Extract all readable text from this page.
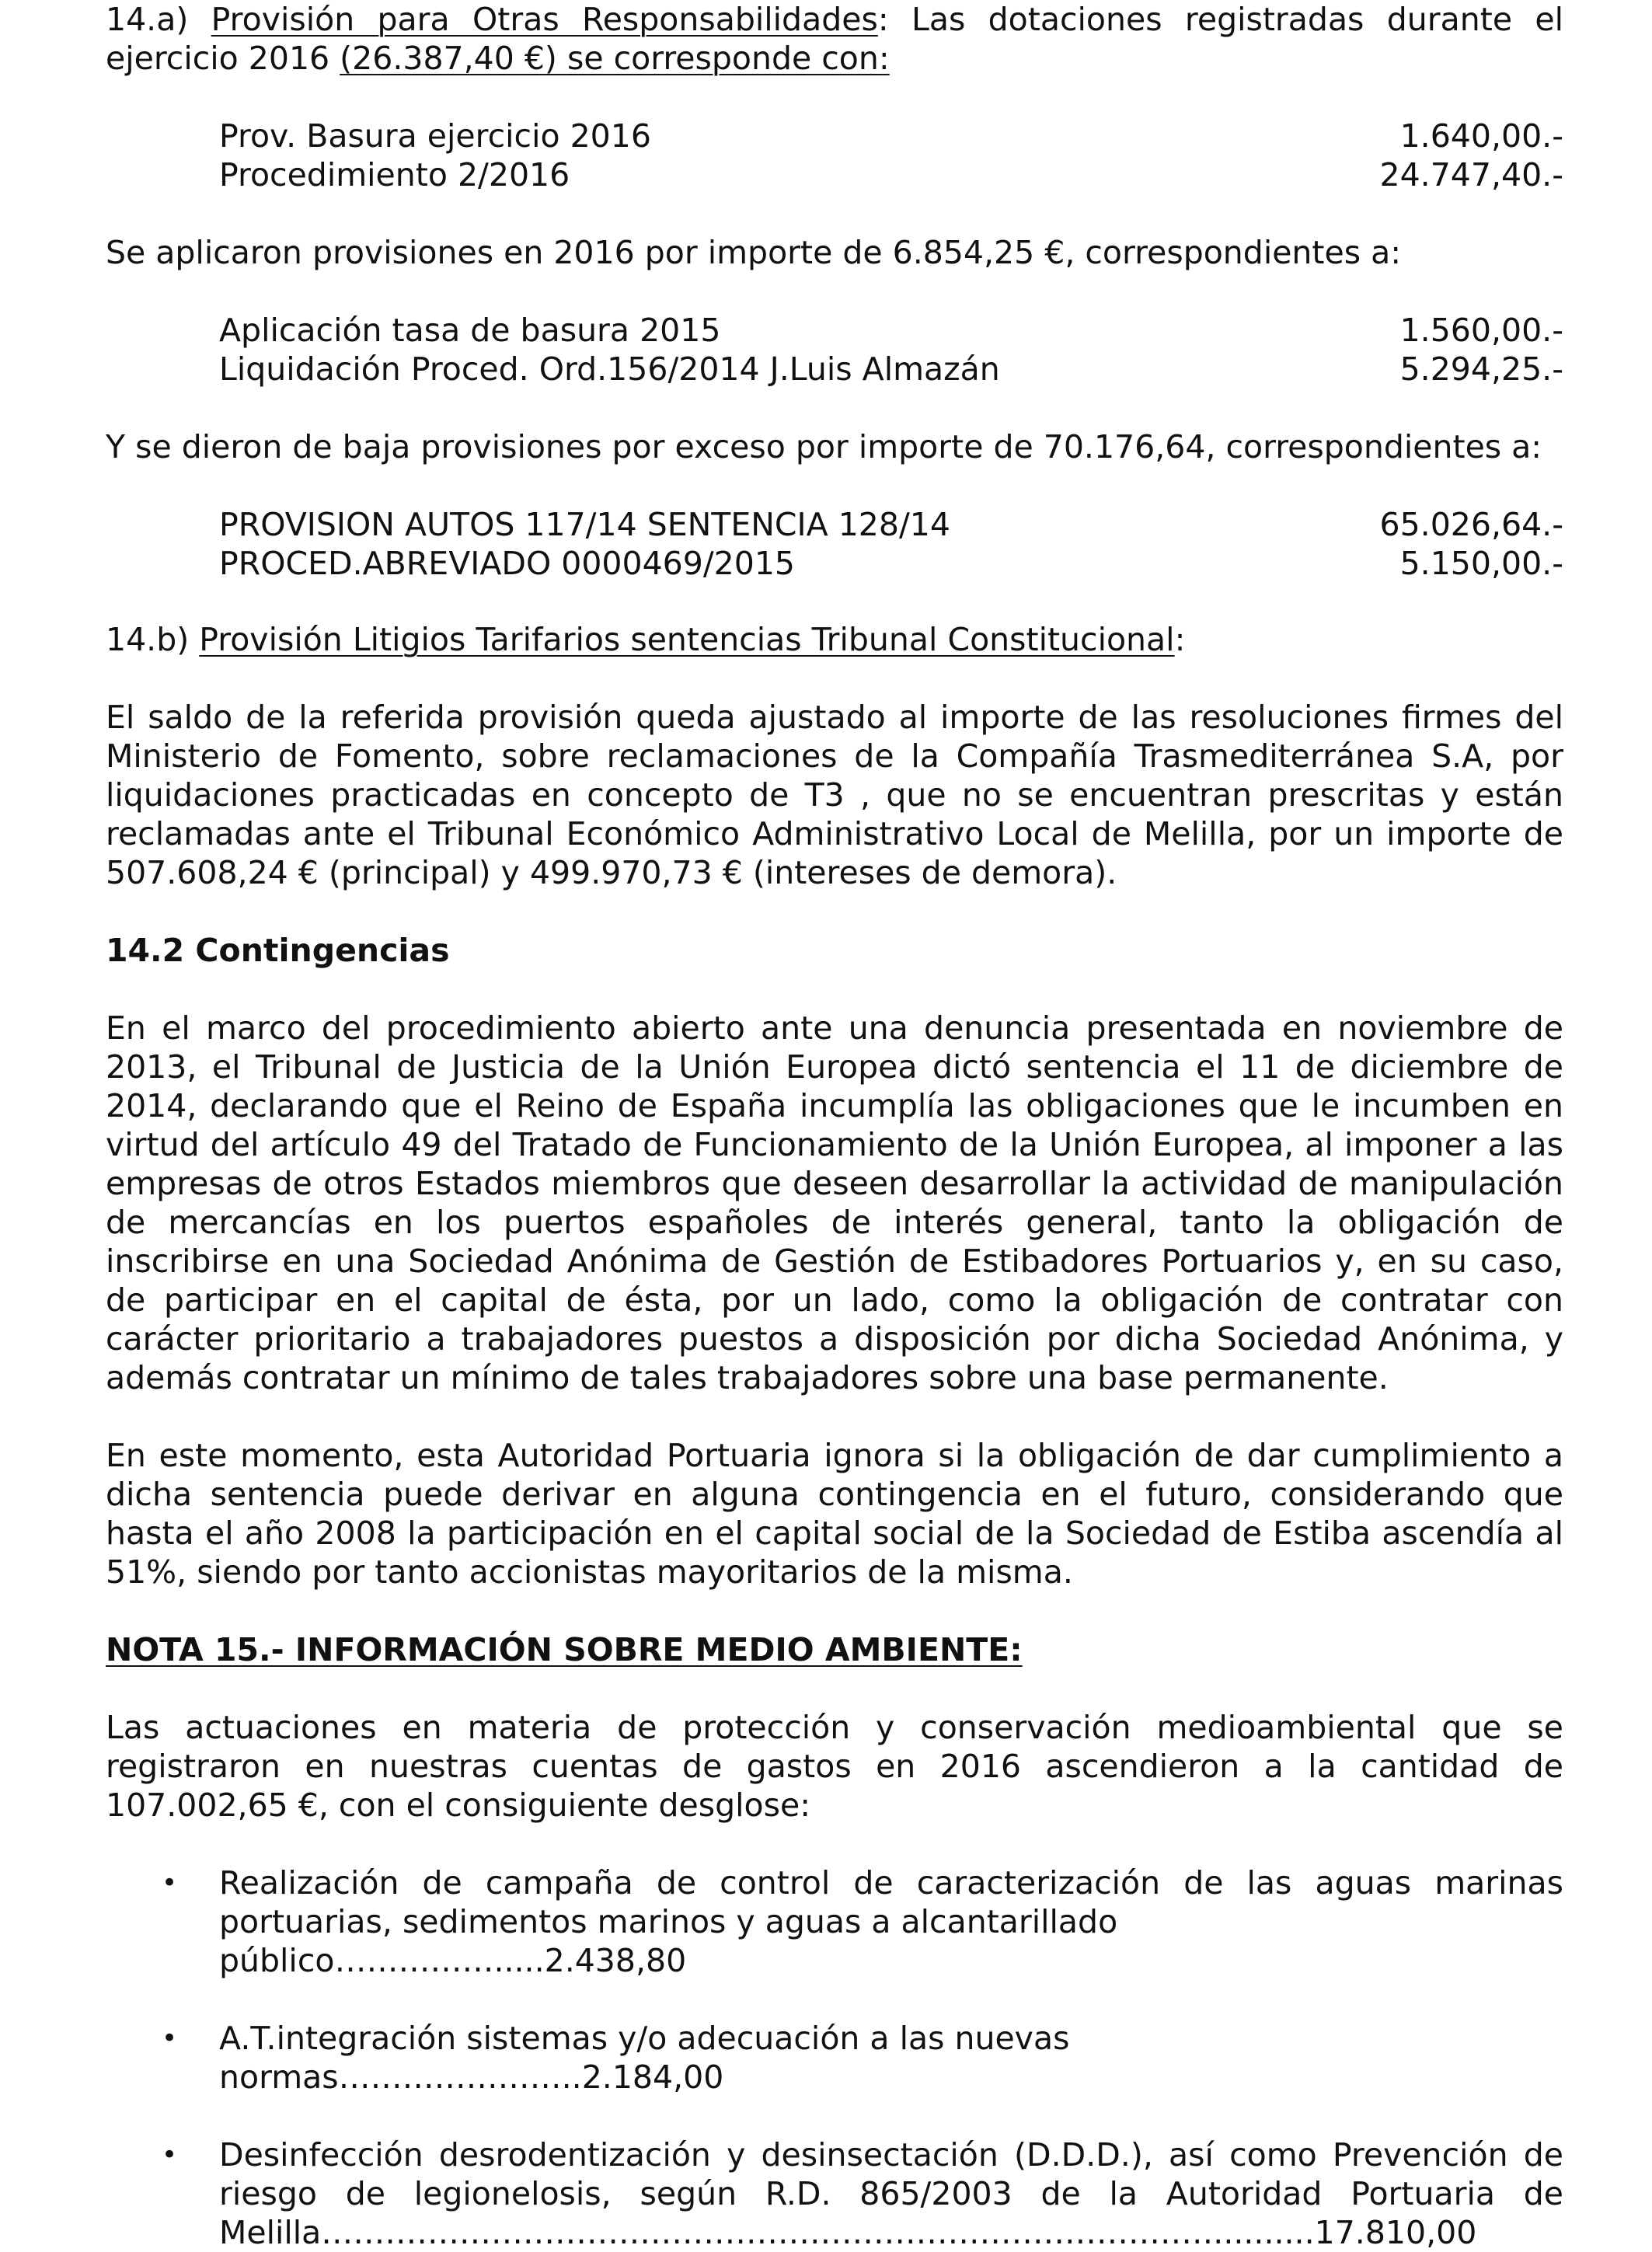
14.a) Provisión para Otras Responsabilidades: Las dotaciones registradas durante el ejercicio 2016 (26.387,40 €) se corresponde con:

Prov. Basura ejercicio 2016	1.640,00.-
Procedimiento 2/2016	24.747,40.-

Se aplicaron provisiones en 2016 por importe de 6.854,25 €, correspondientes a:

Aplicación tasa de basura 2015	1.560,00.-
Liquidación Proced. Ord.156/2014 J.Luis Almazán	5.294,25.-

Y se dieron de baja provisiones por exceso por importe de 70.176,64, correspondientes a:

PROVISION AUTOS 117/14 SENTENCIA 128/14	65.026,64.-
PROCED.ABREVIADO 0000469/2015	5.150,00.-

14.b) Provisión Litigios Tarifarios sentencias Tribunal Constitucional:

El saldo de la referida provisión queda ajustado al importe de las resoluciones firmes del Ministerio de Fomento, sobre reclamaciones de la Compañía Trasmediterránea S.A, por liquidaciones practicadas en concepto de T3 , que no se encuentran prescritas y están reclamadas ante el Tribunal Económico Administrativo Local de Melilla, por un importe de 507.608,24 € (principal) y 499.970,73 € (intereses de demora).

14.2 Contingencias

En el marco del procedimiento abierto ante una denuncia presentada en noviembre de 2013, el Tribunal de Justicia de la Unión Europea dictó sentencia el 11 de diciembre de 2014, declarando que el Reino de España incumplía las obligaciones que le incumben en virtud del artículo 49 del Tratado de Funcionamiento de la Unión Europea, al imponer a las empresas de otros Estados miembros que deseen desarrollar la actividad de manipulación de mercancías en los puertos españoles de interés general, tanto la obligación de inscribirse en una Sociedad Anónima de Gestión de Estibadores Portuarios y, en su caso, de participar en el capital de ésta, por un lado, como la obligación de contratar con carácter prioritario a trabajadores puestos a disposición por dicha Sociedad Anónima, y además contratar un mínimo de tales trabajadores sobre una base permanente.

En este momento, esta Autoridad Portuaria ignora si la obligación de dar cumplimiento a dicha sentencia puede derivar en alguna contingencia en el futuro, considerando que hasta el año 2008 la participación en el capital social de la Sociedad de Estiba ascendía al 51%, siendo por tanto accionistas mayoritarios de la misma.

NOTA 15.- INFORMACIÓN SOBRE MEDIO AMBIENTE:

Las actuaciones en materia de protección y conservación medioambiental que se registraron en nuestras cuentas de gastos en 2016 ascendieron a la cantidad de 107.002,65 €, con el consiguiente desglose:

• Realización de campaña de control de caracterización de las aguas marinas
portuarias, sedimentos marinos y aguas a alcantarillado público…………….....2.438,80
• A.T.integración sistemas y/o adecuación a las nuevas normas…………………..2.184,00
• Desinfección desrodentización y desinsectación (D.D.D.), así como Prevención de
riesgo de legionelosis, según R.D. 865/2003 de la Autoridad Portuaria de
Melilla…………………………………………………………………………..........17.810,00
